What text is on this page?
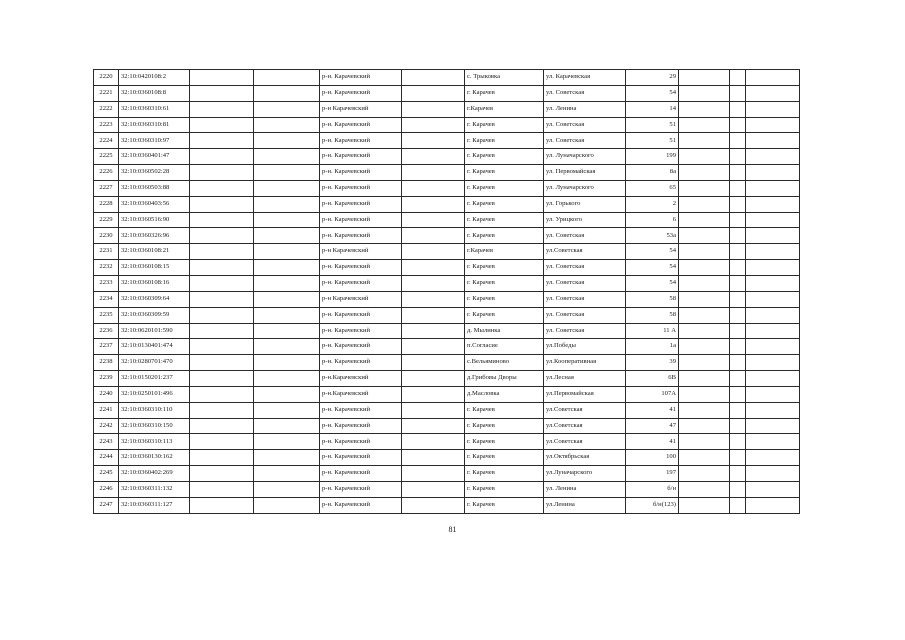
2220	32:10:0420108:2			р-н. Карачевский		с. Трыковка	ул. Карачевская	29			
2221	32:10:0360108:8			р-н. Карачевский		г. Карачев	ул. Советская	54			
2222	32:10:0360310:61			р-н Карачевский		г.Карачев	ул. Ленина	14			
2223	32:10:0360310:81			р-н. Карачевский		г. Карачев	ул. Советская	51			
2224	32:10:0360310:97			р-н. Карачевский		г. Карачев	ул. Советская	51			
2225	32:10:0360401:47			р-н. Карачевский		г. Карачев	ул. Луначарского	199			
2226	32:10:0360502:28			р-н. Карачевский		г. Карачев	ул. Первомайская	8а			
2227	32:10:0360503:88			р-н. Карачевский		г. Карачев	ул. Луначарского	65			
2228	32:10:0360403:56			р-н. Карачевский		г. Карачев	ул. Горького	2			
2229	32:10:0360516:90			р-н. Карачевский		г. Карачев	ул. Урицкого	6			
2230	32:10:0360326:96			р-н. Карачевский		г. Карачев	ул. Советская	53а			
2231	32:10:0360108:21			р-н Карачевский		г.Карачев	ул.Советская	54			
2232	32:10:0360108:15			р-н. Карачевский		г. Карачев	ул. Советская	54			
2233	32:10:0360108:16			р-н. Карачевский		г. Карачев	ул. Советская	54			
2234	32:10:0360309:64			р-н Карачевский		г. Карачев	ул. Советская	58			
2235	32:10:0360309:59			р-н. Карачевский		г. Карачев	ул. Советская	58			
2236	32:10:0620101:590			р-н. Карачевский		д. Мылинка	ул. Советская	11 А			
2237	32:10:0130401:474			р-н. Карачевский		п.Согласие	ул.Победы	1а			
2238	32:10:0280701:470			р-н. Карачевский		с.Вельяминово	ул.Кооперативная	39			
2239	32:10:0150201:237			р-н.Карачевский		д.Грибовы Дворы	ул.Лесная	6В			
2240	32:10:0250101:496			р-н.Карачевский		д.Масловка	ул.Первомайская	107А			
2241	32:10:0360310:110			р-н. Карачевский		г. Карачев	ул.Советская	41			
2242	32:10:0360310:150			р-н. Карачевский		г. Карачев	ул.Советская	47			
2243	32:10:0360310:113			р-н. Карачевский		г. Карачев	ул.Советская	41			
2244	32:10:0360130:162			р-н. Карачевский		г. Карачев	ул.Октябрьская	100			
2245	32:10:0360402:269			р-н. Карачевский		г. Карачев	ул.Луначарского	197			
2246	32:10:0360311:132			р-н. Карачевский		г. Карачев	ул. Ленина	б/н			
2247	32:10:0360311:127			р-н. Карачевский		г. Карачев	ул.Ленина	б/н(123)			
81
